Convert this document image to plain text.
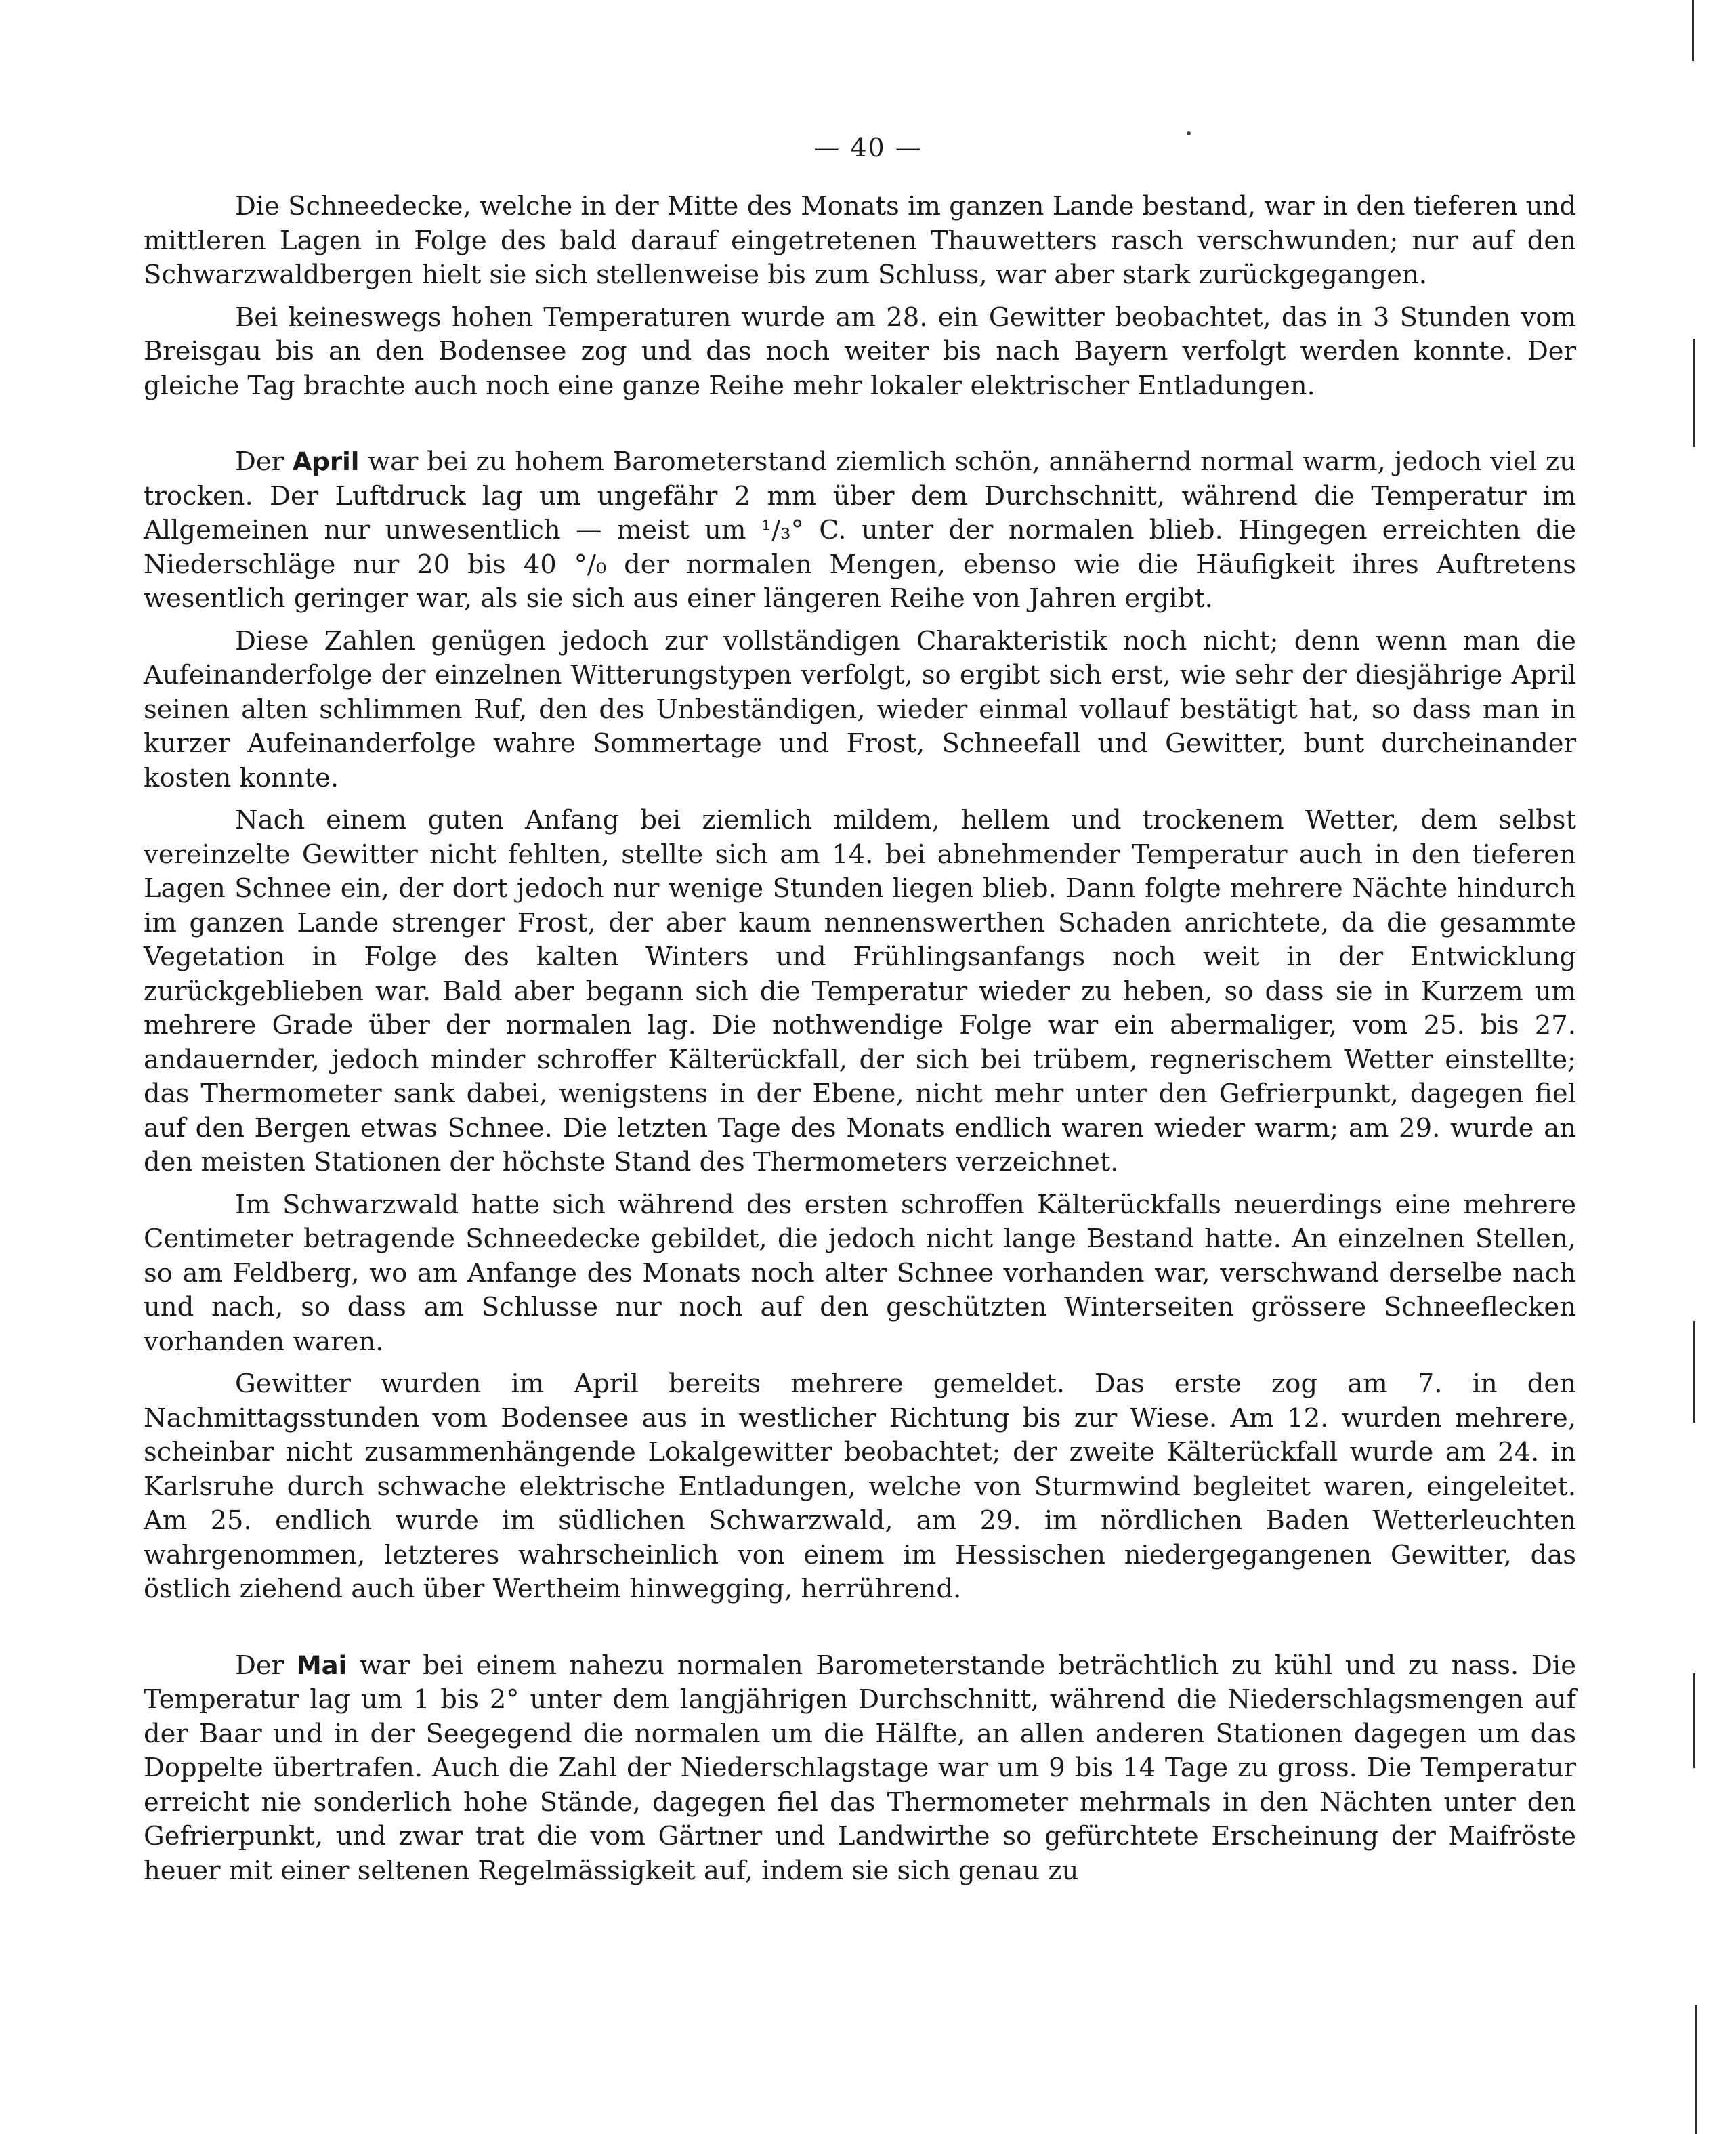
— 40 —

Die Schneedecke, welche in der Mitte des Monats im ganzen Lande bestand, war in den tieferen und mittleren Lagen in Folge des bald darauf eingetretenen Thauwetters rasch verschwunden; nur auf den Schwarzwaldbergen hielt sie sich stellenweise bis zum Schluss, war aber stark zurückgegangen.

Bei keineswegs hohen Temperaturen wurde am 28. ein Gewitter beobachtet, das in 3 Stunden vom Breisgau bis an den Bodensee zog und das noch weiter bis nach Bayern verfolgt werden konnte. Der gleiche Tag brachte auch noch eine ganze Reihe mehr lokaler elektrischer Entladungen.

Der April war bei zu hohem Barometerstand ziemlich schön, annähernd normal warm, jedoch viel zu trocken. Der Luftdruck lag um ungefähr 2 mm über dem Durchschnitt, während die Temperatur im Allgemeinen nur unwesentlich — meist um ¹/₃° C. unter der normalen blieb. Hingegen erreichten die Niederschläge nur 20 bis 40 °/₀ der normalen Mengen, ebenso wie die Häufigkeit ihres Auftretens wesentlich geringer war, als sie sich aus einer längeren Reihe von Jahren ergibt.

Diese Zahlen genügen jedoch zur vollständigen Charakteristik noch nicht; denn wenn man die Aufeinanderfolge der einzelnen Witterungstypen verfolgt, so ergibt sich erst, wie sehr der diesjährige April seinen alten schlimmen Ruf, den des Unbeständigen, wieder einmal vollauf bestätigt hat, so dass man in kurzer Aufeinanderfolge wahre Sommertage und Frost, Schneefall und Gewitter, bunt durcheinander kosten konnte.

Nach einem guten Anfang bei ziemlich mildem, hellem und trockenem Wetter, dem selbst vereinzelte Gewitter nicht fehlten, stellte sich am 14. bei abnehmender Temperatur auch in den tieferen Lagen Schnee ein, der dort jedoch nur wenige Stunden liegen blieb. Dann folgte mehrere Nächte hindurch im ganzen Lande strenger Frost, der aber kaum nennenswerthen Schaden anrichtete, da die gesammte Vegetation in Folge des kalten Winters und Frühlingsanfangs noch weit in der Entwicklung zurückgeblieben war. Bald aber begann sich die Temperatur wieder zu heben, so dass sie in Kurzem um mehrere Grade über der normalen lag. Die nothwendige Folge war ein abermaliger, vom 25. bis 27. andauernder, jedoch minder schroffer Kälterückfall, der sich bei trübem, regnerischem Wetter einstellte; das Thermometer sank dabei, wenigstens in der Ebene, nicht mehr unter den Gefrierpunkt, dagegen fiel auf den Bergen etwas Schnee. Die letzten Tage des Monats endlich waren wieder warm; am 29. wurde an den meisten Stationen der höchste Stand des Thermometers verzeichnet.

Im Schwarzwald hatte sich während des ersten schroffen Kälterückfalls neuerdings eine mehrere Centimeter betragende Schneedecke gebildet, die jedoch nicht lange Bestand hatte. An einzelnen Stellen, so am Feldberg, wo am Anfange des Monats noch alter Schnee vorhanden war, verschwand derselbe nach und nach, so dass am Schlusse nur noch auf den geschützten Winterseiten grössere Schneeflecken vorhanden waren.

Gewitter wurden im April bereits mehrere gemeldet. Das erste zog am 7. in den Nachmittagsstunden vom Bodensee aus in westlicher Richtung bis zur Wiese. Am 12. wurden mehrere, scheinbar nicht zusammenhängende Lokalgewitter beobachtet; der zweite Kälterückfall wurde am 24. in Karlsruhe durch schwache elektrische Entladungen, welche von Sturmwind begleitet waren, eingeleitet. Am 25. endlich wurde im südlichen Schwarzwald, am 29. im nördlichen Baden Wetterleuchten wahrgenommen, letzteres wahrscheinlich von einem im Hessischen niedergegangenen Gewitter, das östlich ziehend auch über Wertheim hinwegging, herrührend.

Der Mai war bei einem nahezu normalen Barometerstande beträchtlich zu kühl und zu nass. Die Temperatur lag um 1 bis 2° unter dem langjährigen Durchschnitt, während die Niederschlagsmengen auf der Baar und in der Seegegend die normalen um die Hälfte, an allen anderen Stationen dagegen um das Doppelte übertrafen. Auch die Zahl der Niederschlagstage war um 9 bis 14 Tage zu gross. Die Temperatur erreicht nie sonderlich hohe Stände, dagegen fiel das Thermometer mehrmals in den Nächten unter den Gefrierpunkt, und zwar trat die vom Gärtner und Landwirthe so gefürchtete Erscheinung der Maifröste heuer mit einer seltenen Regelmässigkeit auf, indem sie sich genau zu
